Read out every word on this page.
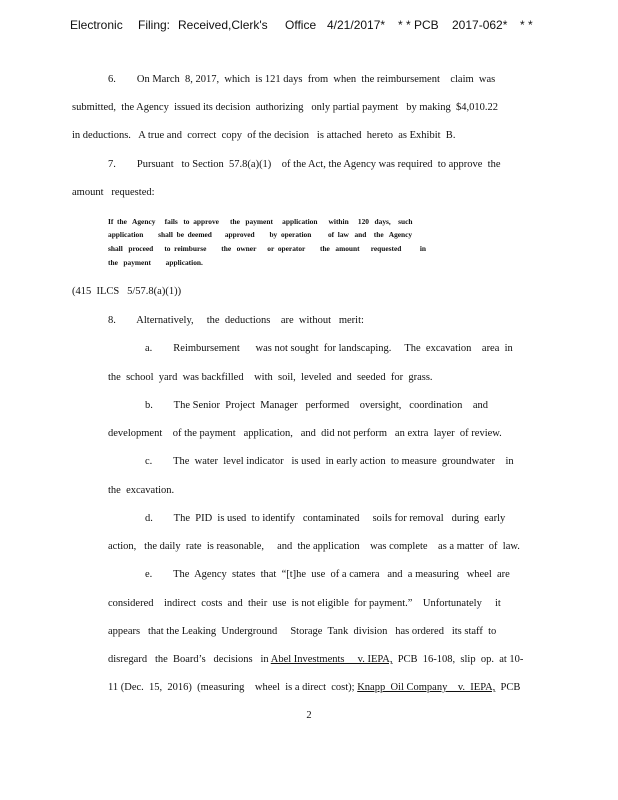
Electronic Filing: Received,Clerk's Office 4/21/2017* * * PCB 2017-062* * *
6.        On March  8, 2017,  which  is 121 days  from  when  the reimbursement    claim  was
submitted,  the Agency  issued its decision  authorizing   only partial payment   by making  $4,010.22
in deductions.   A true and  correct  copy  of the decision   is attached  hereto  as Exhibit  B.
7.        Pursuant   to Section  57.8(a)(1)    of the Act, the Agency was required  to approve  the
amount   requested:
If  the   Agency     fails   to  approve      the   payment     application      within     120   days,    such
application        shall  be  deemed       approved        by  operation         of  law   and    the   Agency
shall   proceed      to  reimburse        the   owner      or  operator        the   amount      requested          in
the   payment        application.
(415  ILCS   5/57.8(a)(1))
8.        Alternatively,     the  deductions    are  without   merit:
a.        Reimbursement      was not sought  for landscaping.     The  excavation    area  in
the  school  yard  was backfilled    with  soil,  leveled  and  seeded  for  grass.
b.        The Senior  Project  Manager   performed    oversight,   coordination    and
development    of the payment   application,   and  did not perform   an extra  layer  of review.
c.        The  water  level indicator   is used  in early action  to measure  groundwater    in
the  excavation.
d.        The  PID  is used  to identify   contaminated     soils for removal   during  early
action,   the daily  rate  is reasonable,     and  the application    was complete    as a matter  of  law.
e.        The  Agency  states  that  “[t]he  use  of a camera   and  a measuring   wheel  are
considered    indirect  costs  and  their  use  is not eligible  for payment.”    Unfortunately     it
appears   that the Leaking  Underground     Storage  Tank  division   has ordered   its staff  to
disregard   the  Board’s   decisions   in Abel Investments     v. IEPA,  PCB  16-108,  slip  op.  at 10-
11 (Dec.  15,  2016)  (measuring    wheel  is a direct  cost); Knapp  Oil Company    v.  IEPA,  PCB
2
